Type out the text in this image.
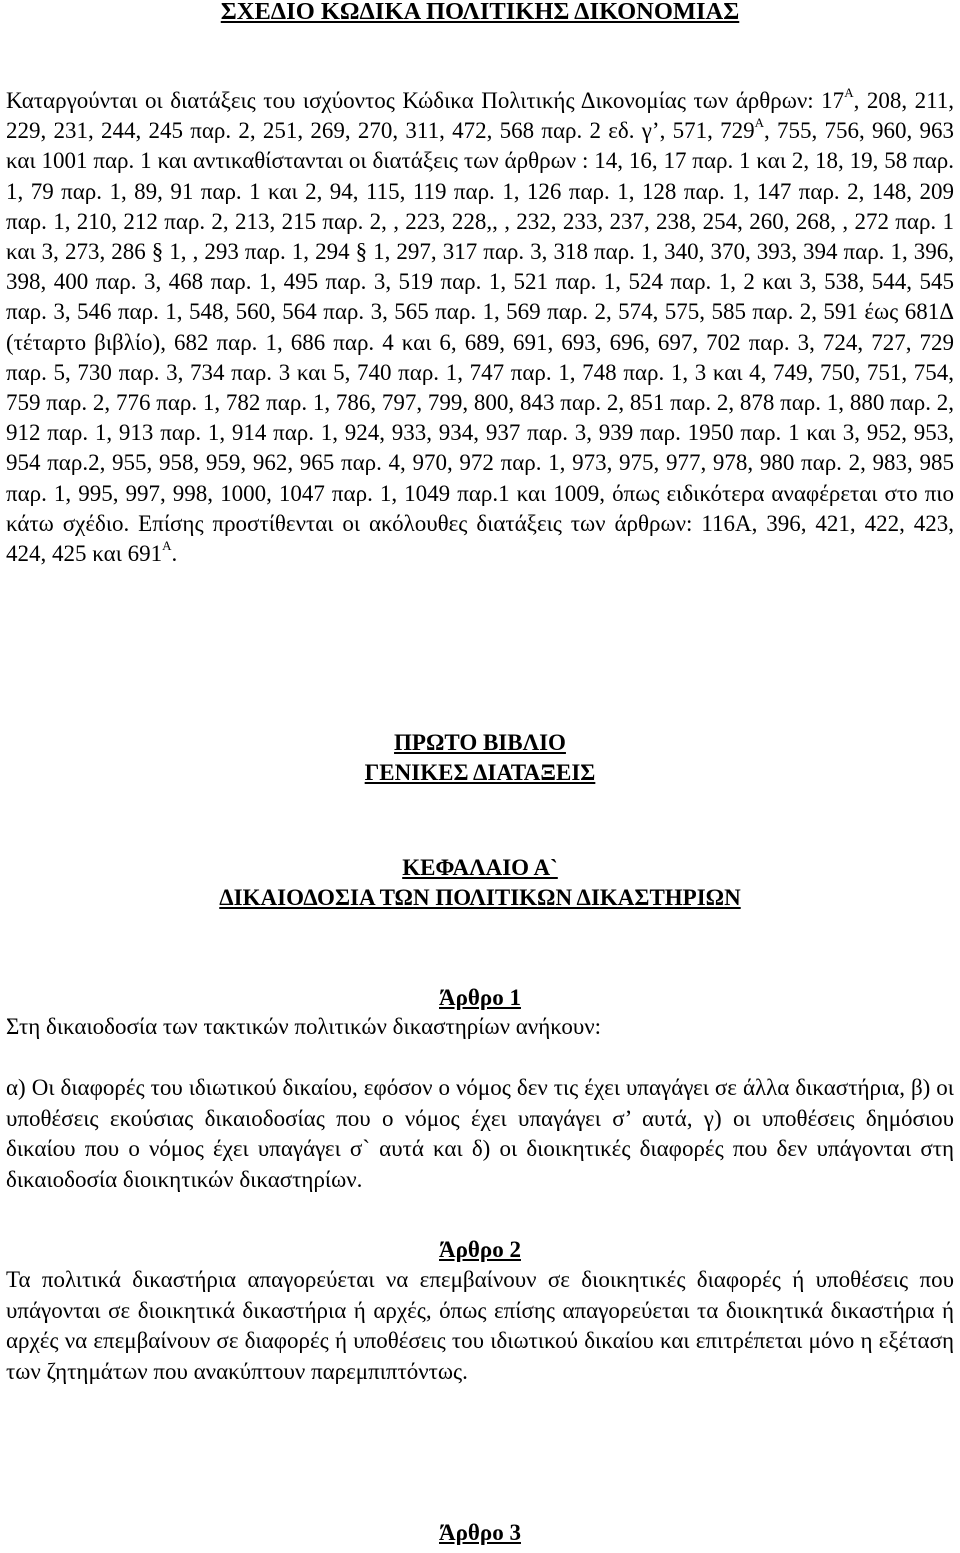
ΣΧΕΔΙΟ ΚΩΔΙΚΑ ΠΟΛΙΤΙΚΗΣ ΔΙΚΟΝΟΜΙΑΣ

Καταργούνται οι διατάξεις του ισχύοντος Κώδικα Πολιτικής Δικονομίας των άρθρων: $17^A$, 208, 211, 229, 231, 244, 245 παρ. 2, 251, 269, 270, 311, 472, 568 παρ. 2 εδ. γ’, 571, $729^A$, 755, 756, 960, 963 και 1001 παρ. 1 και αντικαθίστανται οι διατάξεις των άρθρων : 14, 16, 17 παρ. 1 και 2, 18, 19, 58 παρ. 1, 79 παρ. 1, 89, 91 παρ. 1 και 2, 94, 115, 119 παρ. 1, 126 παρ. 1, 128 παρ. 1, 147 παρ. 2, 148, 209 παρ. 1, 210, 212 παρ. 2, 213, 215 παρ. 2, , 223, 228,, , 232, 233, 237, 238, 254, 260, 268, , 272 παρ. 1 και 3, 273, 286 § 1, , 293 παρ. 1, 294 § 1, 297, 317 παρ. 3, 318 παρ. 1, 340, 370, 393, 394 παρ. 1, 396, 398, 400 παρ. 3, 468 παρ. 1, 495 παρ. 3, 519 παρ. 1, 521 παρ. 1, 524 παρ. 1, 2 και 3, 538, 544, 545 παρ. 3, 546 παρ. 1, 548, 560, 564 παρ. 3, 565 παρ. 1, 569 παρ. 2, 574, 575, 585 παρ. 2, 591 έως 681Δ (τέταρτο βιβλίο), 682 παρ. 1, 686 παρ. 4 και 6, 689, 691, 693, 696, 697, 702 παρ. 3, 724, 727, 729 παρ. 5, 730 παρ. 3, 734 παρ. 3 και 5, 740 παρ. 1, 747 παρ. 1, 748 παρ. 1, 3 και 4, 749, 750, 751, 754, 759 παρ. 2, 776 παρ. 1, 782 παρ. 1, 786, 797, 799, 800, 843 παρ. 2, 851 παρ. 2, 878 παρ. 1, 880 παρ. 2, 912 παρ. 1, 913 παρ. 1, 914 παρ. 1, 924, 933, 934, 937 παρ. 3, 939 παρ. 1950 παρ. 1 και 3, 952, 953, 954 παρ.2, 955, 958, 959, 962, 965 παρ. 4, 970, 972 παρ. 1, 973, 975, 977, 978, 980 παρ. 2, 983, 985 παρ. 1, 995, 997, 998, 1000, 1047 παρ. 1, 1049 παρ.1 και 1009, όπως ειδικότερα αναφέρεται στο πιο κάτω σχέδιο. Επίσης προστίθενται οι ακόλουθες διατάξεις των άρθρων: 116Α, 396, 421, 422, 423, 424, 425 και $691^A$.

ΠΡΩΤΟ ΒΙΒΛΙΟ
ΓΕΝΙΚΕΣ ΔΙΑΤΑΞΕΙΣ
ΚΕΦΑΛΑΙΟ Α`
ΔΙΚΑΙΟΔΟΣΙΑ ΤΩΝ ΠΟΛΙΤΙΚΩΝ ΔΙΚΑΣΤΗΡΙΩΝ
Άρθρο 1

Στη δικαιοδοσία των τακτικών πολιτικών δικαστηρίων ανήκουν:

α) Οι διαφορές του ιδιωτικού δικαίου, εφόσον ο νόμος δεν τις έχει υπαγάγει σε άλλα δικαστήρια, β) οι υποθέσεις εκούσιας δικαιοδοσίας που ο νόμος έχει υπαγάγει σ’ αυτά, γ) οι υποθέσεις δημόσιου δικαίου που ο νόμος έχει υπαγάγει σ` αυτά και δ) οι διοικητικές διαφορές που δεν υπάγονται στη δικαιοδοσία διοικητικών δικαστηρίων.

Άρθρο 2

Τα πολιτικά δικαστήρια απαγορεύεται να επεμβαίνουν σε διοικητικές διαφορές ή υποθέσεις που υπάγονται σε διοικητικά δικαστήρια ή αρχές, όπως επίσης απαγορεύεται τα διοικητικά δικαστήρια ή αρχές να επεμβαίνουν σε διαφορές ή υποθέσεις του ιδιωτικού δικαίου και επιτρέπεται μόνο η εξέταση των ζητημάτων που ανακύπτουν παρεμπιπτόντως.

Άρθρο 3
